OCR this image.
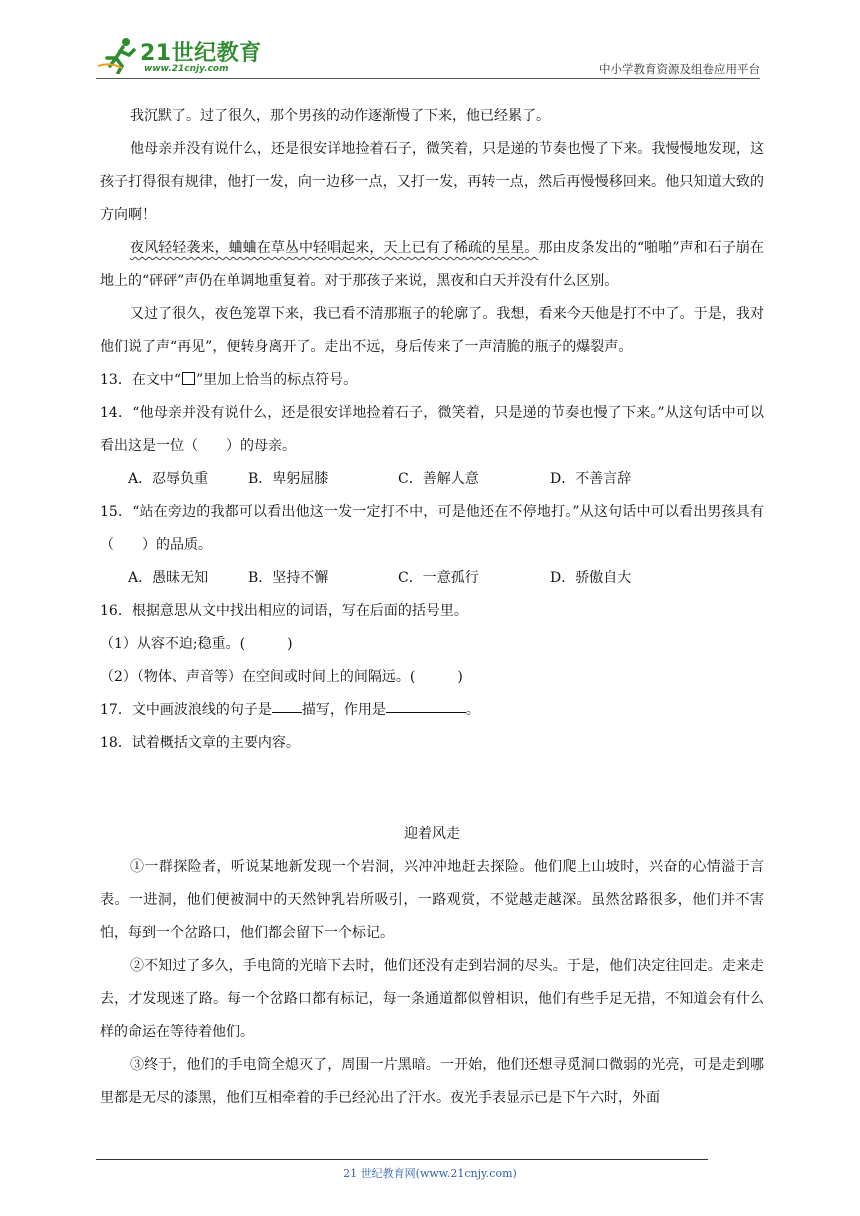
21世纪教育
www.21cnjy.com	中小学教育资源及组卷应用平台

我沉默了。过了很久，那个男孩的动作逐渐慢了下来，他已经累了。

他母亲并没有说什么，还是很安详地捡着石子，微笑着，只是递的节奏也慢了下来。我慢慢地发现，这孩子打得很有规律，他打一发，向一边移一点，又打一发，再转一点，然后再慢慢移回来。他只知道大致的方向啊！

夜风轻轻袭来，蛐蛐在草丛中轻唱起来，天上已有了稀疏的星星。那由皮条发出的“啪啪”声和石子崩在地上的“砰砰”声仍在单调地重复着。对于那孩子来说，黑夜和白天并没有什么区别。

又过了很久，夜色笼罩下来，我已看不清那瓶子的轮廓了。我想，看来今天他是打不中了。于是，我对他们说了声“再见”，便转身离开了。走出不远，身后传来了一声清脆的瓶子的爆裂声。

13．在文中“ ”里加上恰当的标点符号。

14．“他母亲并没有说什么，还是很安详地捡着石子，微笑着，只是递的节奏也慢了下来。”从这句话中可以看出这是一位（　　）的母亲。

A．忍辱负重	B．卑躬屈膝	C．善解人意	D．不善言辞

15．“站在旁边的我都可以看出他这一发一定打不中，可是他还在不停地打。”从这句话中可以看出男孩具有（　　）的品质。

A．愚昧无知	B．坚持不懈	C．一意孤行	D．骄傲自大

16．根据意思从文中找出相应的词语，写在后面的括号里。

（1）从容不迫;稳重。(　　　)

（2）（物体、声音等）在空间或时间上的间隔远。(　　　)

17．文中画波浪线的句子是 描写，作用是	。

18．试着概括文章的主要内容。

迎着风走

①一群探险者，听说某地新发现一个岩洞，兴冲冲地赶去探险。他们爬上山坡时，兴奋的心情溢于言表。一进洞，他们便被洞中的天然钟乳岩所吸引，一路观赏，不觉越走越深。虽然岔路很多，他们并不害怕，每到一个岔路口，他们都会留下一个标记。

②不知过了多久，手电筒的光暗下去时，他们还没有走到岩洞的尽头。于是，他们决定往回走。走来走去，才发现迷了路。每一个岔路口都有标记，每一条通道都似曾相识，他们有些手足无措，不知道会有什么样的命运在等待着他们。

③终于，他们的手电筒全熄灭了，周围一片黑暗。一开始，他们还想寻觅洞口微弱的光亮，可是走到哪里都是无尽的漆黑，他们互相牵着的手已经沁出了汗水。夜光手表显示已是下午六时，外面

21 世纪教育网(www.21cnjy.com)
